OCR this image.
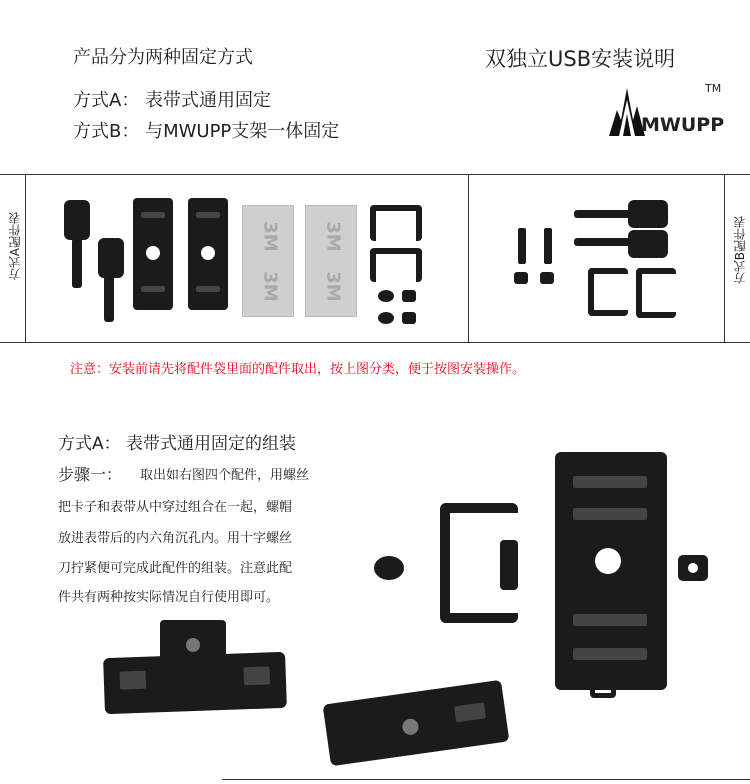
产品分为两种固定方式
方式A： 表带式通用固定
方式B： 与MWUPP支架一体固定
双独立USB安装说明
MWUPP
TM
方式A配件表	方式B配件表
3M
3M
3M
3M
注意：安装前请先将配件袋里面的配件取出，按上图分类，便于按图安装操作。
方式A： 表带式通用固定的组装
步骤一： 取出如右图四个配件，用螺丝
把卡子和表带从中穿过组合在一起，螺帽
放进表带后的内六角沉孔内。用十字螺丝
刀拧紧便可完成此配件的组装。注意此配
件共有两种按实际情况自行使用即可。
